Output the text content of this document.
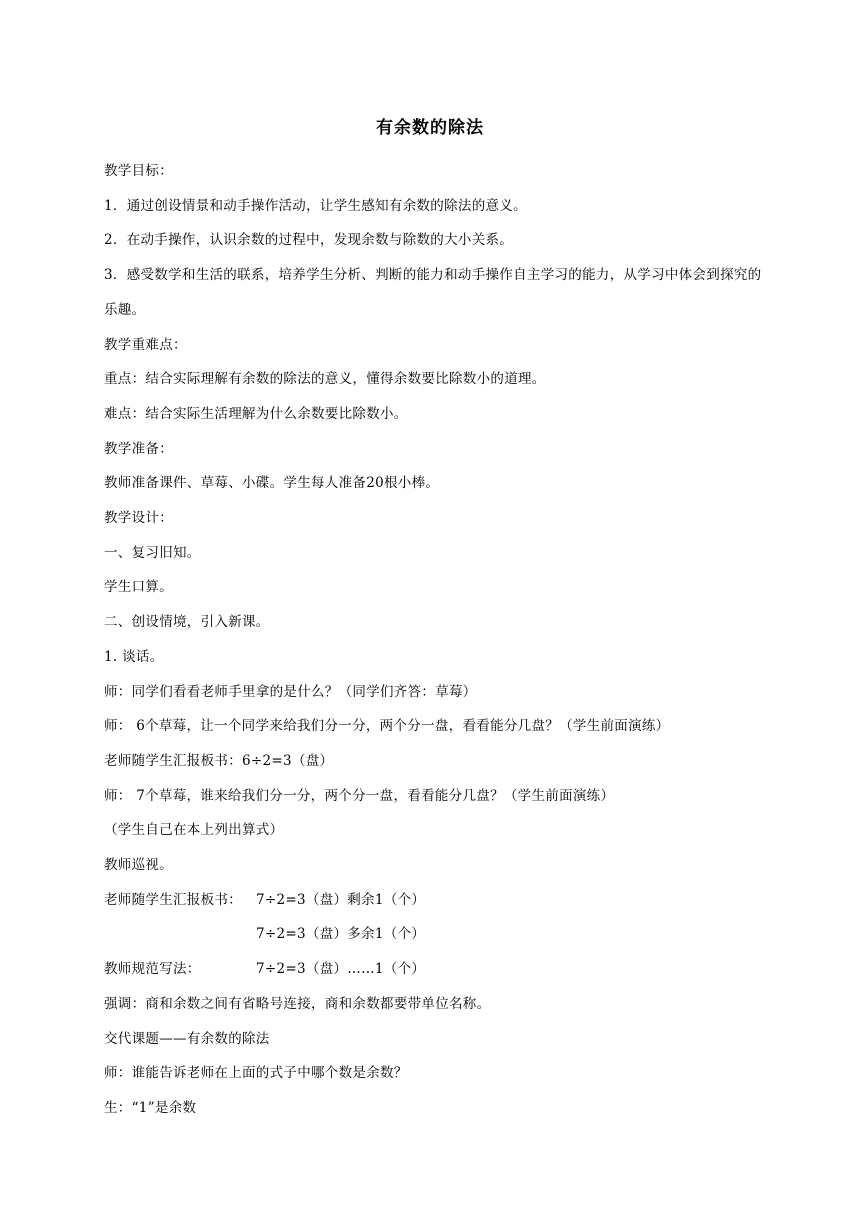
有余数的除法
教学目标：
1．通过创设情景和动手操作活动，让学生感知有余数的除法的意义。
2．在动手操作，认识余数的过程中，发现余数与除数的大小关系。
3．感受数学和生活的联系，培养学生分析、判断的能力和动手操作自主学习的能力，从学习中体会到探究的乐趣。
教学重难点：
重点：结合实际理解有余数的除法的意义，懂得余数要比除数小的道理。
难点：结合实际生活理解为什么余数要比除数小。
教学准备：
教师准备课件、草莓、小碟。学生每人准备20根小棒。
教学设计：
一、复习旧知。
学生口算。
二、创设情境，引入新课。
1. 谈话。
师：同学们看看老师手里拿的是什么？（同学们齐答：草莓）
师： 6个草莓，让一个同学来给我们分一分，两个分一盘，看看能分几盘？（学生前面演练）
老师随学生汇报板书：6÷2=3（盘）
师： 7个草莓，谁来给我们分一分，两个分一盘，看看能分几盘？（学生前面演练）
（学生自己在本上列出算式）
教师巡视。
老师随学生汇报板书：	7÷2=3（盘）剩余1（个）
7÷2=3（盘）多余1（个）
教师规范写法：	7÷2=3（盘）……1（个）
强调：商和余数之间有省略号连接，商和余数都要带单位名称。
交代课题——有余数的除法
师：谁能告诉老师在上面的式子中哪个数是余数？
生：“1”是余数
